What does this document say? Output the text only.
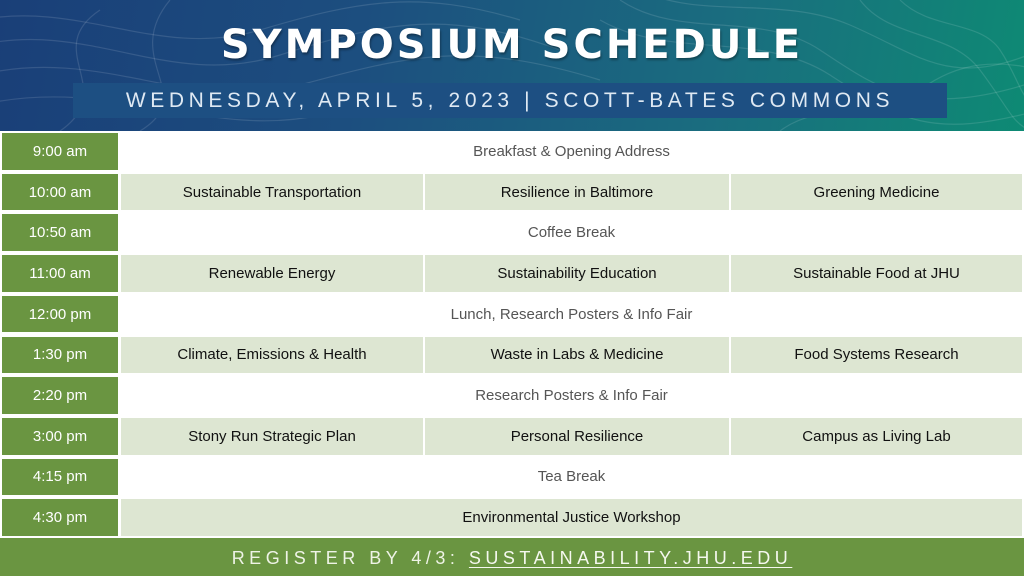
SYMPOSIUM SCHEDULE
WEDNESDAY, APRIL 5, 2023 | SCOTT-BATES COMMONS
9:00 am	Breakfast & Opening Address
10:00 am	Sustainable Transportation	Resilience in Baltimore	Greening Medicine
10:50 am	Coffee Break
11:00 am	Renewable Energy	Sustainability Education	Sustainable Food at JHU
12:00 pm	Lunch, Research Posters & Info Fair
1:30 pm	Climate, Emissions & Health	Waste in Labs & Medicine	Food Systems Research
2:20 pm	Research Posters & Info Fair
3:00 pm	Stony Run Strategic Plan	Personal Resilience	Campus as Living Lab
4:15 pm	Tea Break
4:30 pm	Environmental Justice Workshop
REGISTER BY 4/3: SUSTAINABILITY.JHU.EDU
